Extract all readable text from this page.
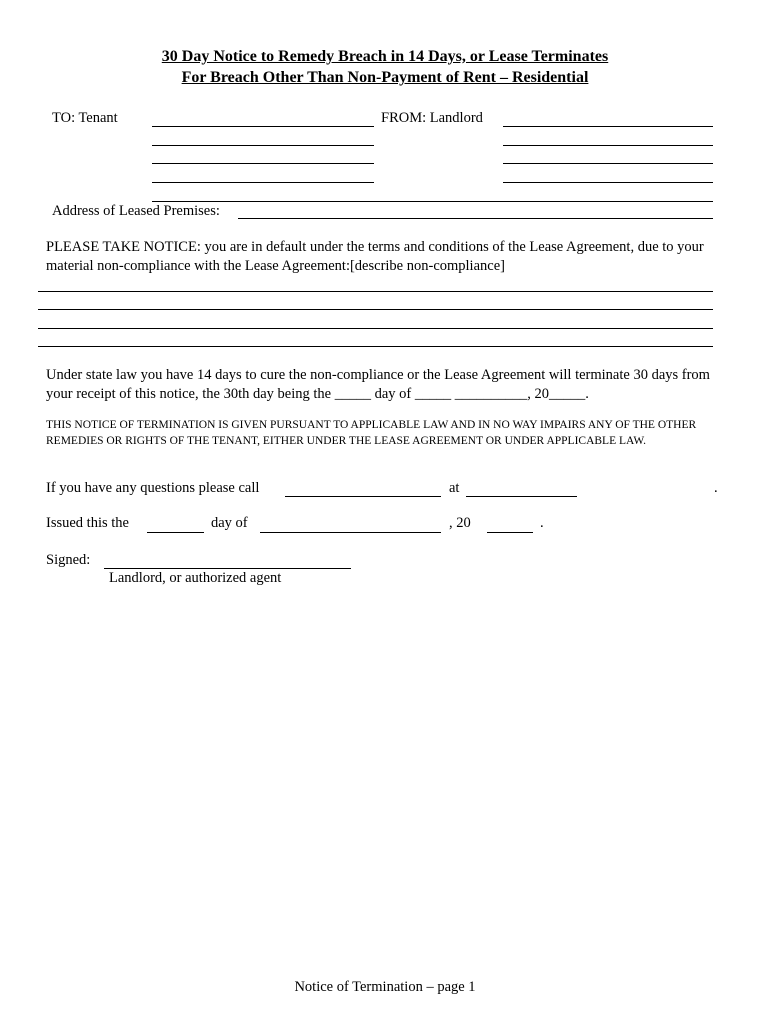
30 Day Notice to Remedy Breach in 14 Days, or Lease Terminates
For Breach Other Than Non-Payment of Rent – Residential
TO: Tenant	FROM: Landlord
Address of Leased Premises:
PLEASE TAKE NOTICE: you are in default under the terms and conditions of the Lease Agreement, due to your material non-compliance with the Lease Agreement:[describe non-compliance]
Under state law you have 14 days to cure the non-compliance or the Lease Agreement will terminate 30 days from your receipt of this notice, the 30th day being the _____ day of _____ __________, 20_____.
THIS NOTICE OF TERMINATION IS GIVEN PURSUANT TO APPLICABLE LAW AND IN NO WAY IMPAIRS ANY OF THE OTHER REMEDIES OR RIGHTS OF THE TENANT, EITHER UNDER THE LEASE AGREEMENT OR UNDER APPLICABLE LAW.
If you have any questions please call	at	.
Issued this the	day of	, 20	.
Signed:
Landlord, or authorized agent
Notice of Termination – page 1
